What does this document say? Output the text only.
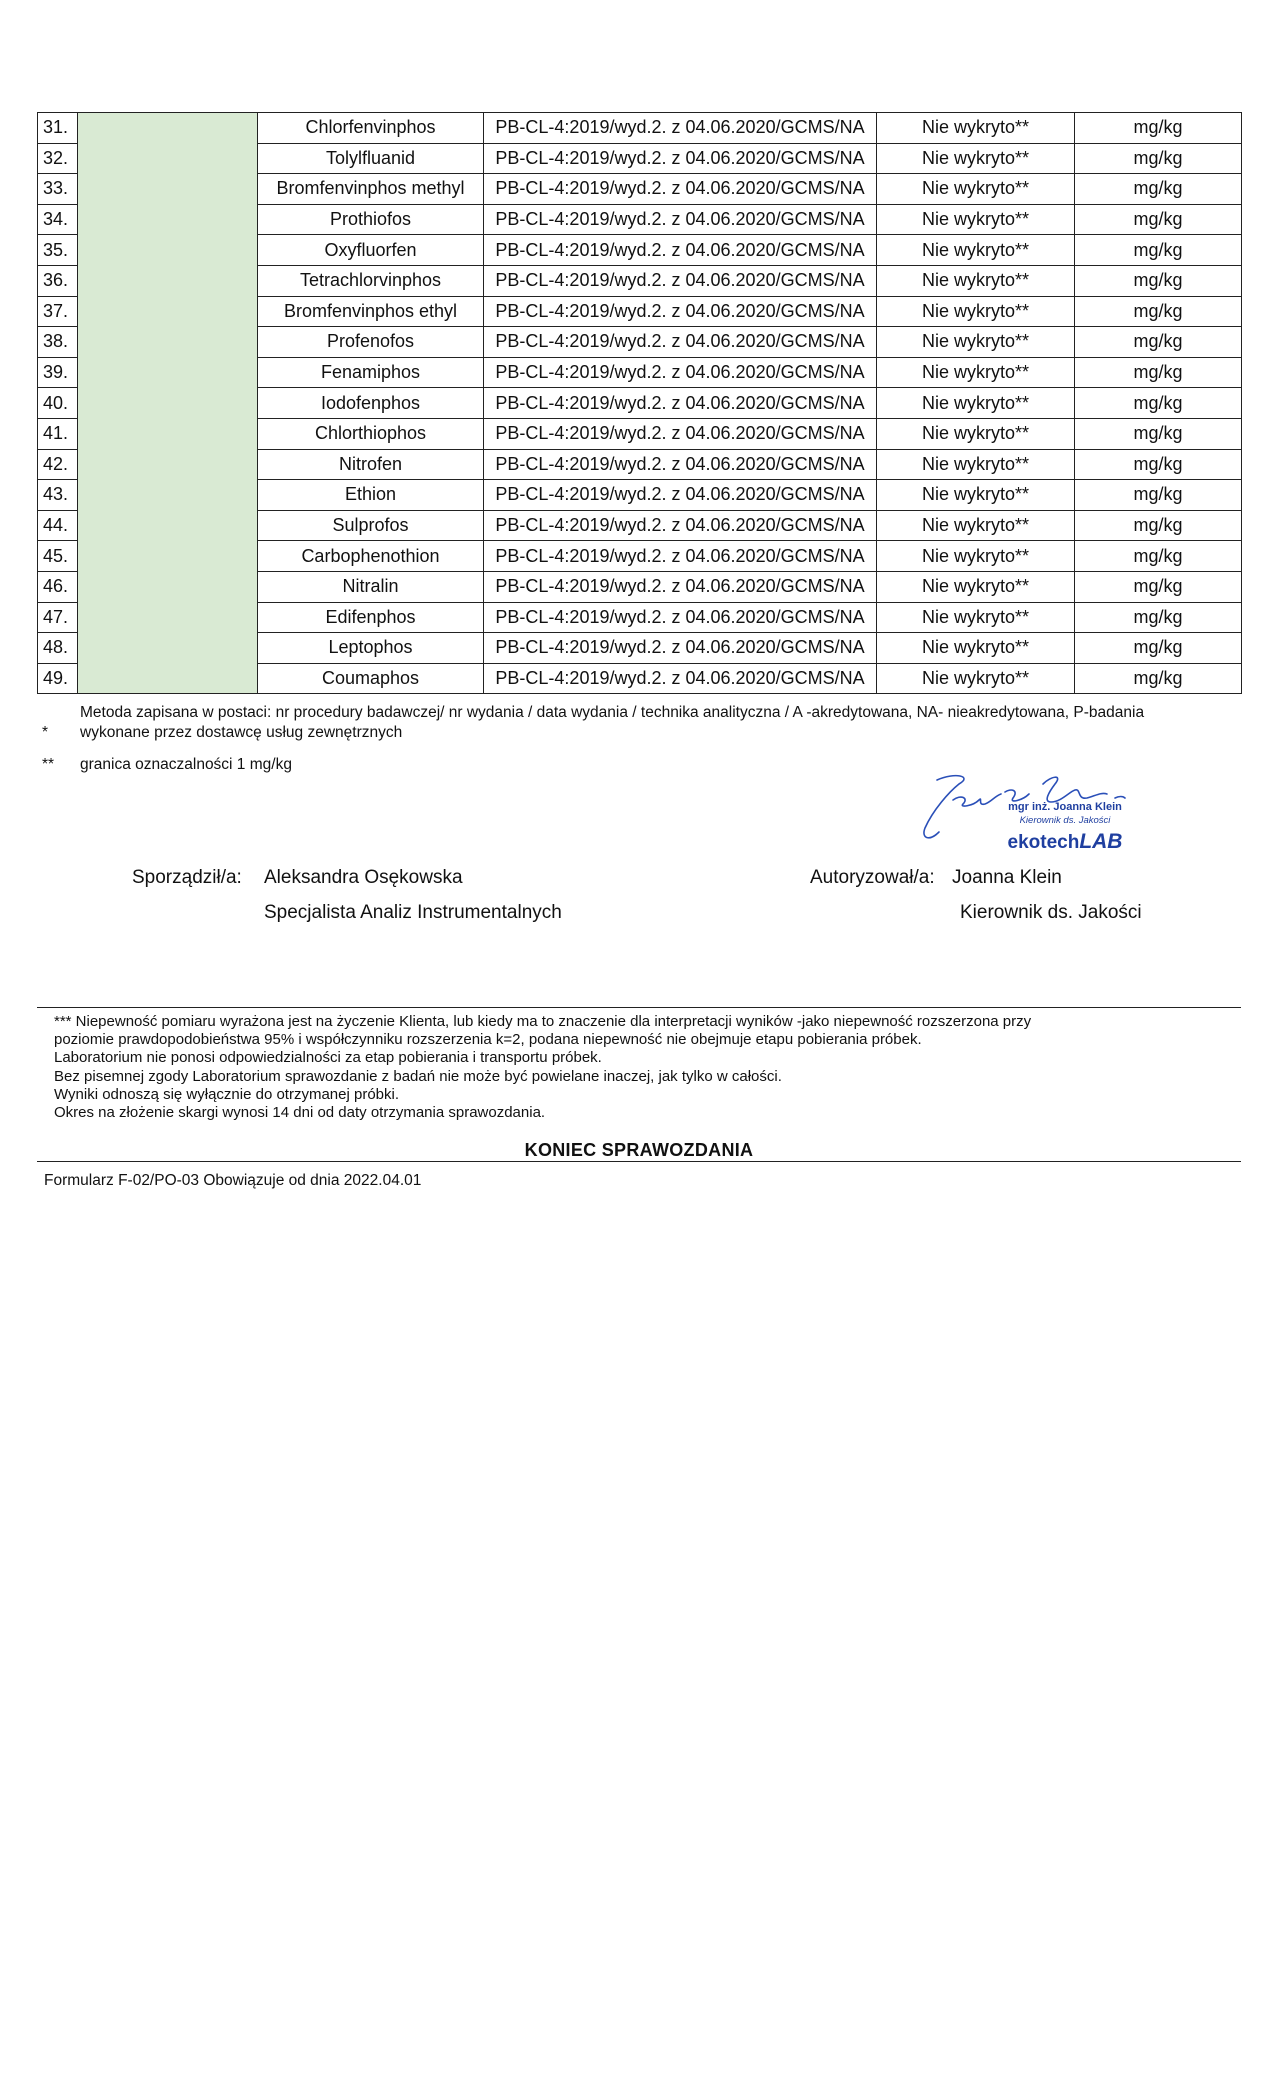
31.		Chlorfenvinphos	PB-CL-4:2019/wyd.2. z 04.06.2020/GCMS/NA	Nie wykryto**	mg/kg
32.		Tolylfluanid	PB-CL-4:2019/wyd.2. z 04.06.2020/GCMS/NA	Nie wykryto**	mg/kg
33.		Bromfenvinphos methyl	PB-CL-4:2019/wyd.2. z 04.06.2020/GCMS/NA	Nie wykryto**	mg/kg
34.		Prothiofos	PB-CL-4:2019/wyd.2. z 04.06.2020/GCMS/NA	Nie wykryto**	mg/kg
35.		Oxyfluorfen	PB-CL-4:2019/wyd.2. z 04.06.2020/GCMS/NA	Nie wykryto**	mg/kg
36.		Tetrachlorvinphos	PB-CL-4:2019/wyd.2. z 04.06.2020/GCMS/NA	Nie wykryto**	mg/kg
37.		Bromfenvinphos ethyl	PB-CL-4:2019/wyd.2. z 04.06.2020/GCMS/NA	Nie wykryto**	mg/kg
38.		Profenofos	PB-CL-4:2019/wyd.2. z 04.06.2020/GCMS/NA	Nie wykryto**	mg/kg
39.		Fenamiphos	PB-CL-4:2019/wyd.2. z 04.06.2020/GCMS/NA	Nie wykryto**	mg/kg
40.		Iodofenphos	PB-CL-4:2019/wyd.2. z 04.06.2020/GCMS/NA	Nie wykryto**	mg/kg
41.		Chlorthiophos	PB-CL-4:2019/wyd.2. z 04.06.2020/GCMS/NA	Nie wykryto**	mg/kg
42.		Nitrofen	PB-CL-4:2019/wyd.2. z 04.06.2020/GCMS/NA	Nie wykryto**	mg/kg
43.		Ethion	PB-CL-4:2019/wyd.2. z 04.06.2020/GCMS/NA	Nie wykryto**	mg/kg
44.		Sulprofos	PB-CL-4:2019/wyd.2. z 04.06.2020/GCMS/NA	Nie wykryto**	mg/kg
45.		Carbophenothion	PB-CL-4:2019/wyd.2. z 04.06.2020/GCMS/NA	Nie wykryto**	mg/kg
46.		Nitralin	PB-CL-4:2019/wyd.2. z 04.06.2020/GCMS/NA	Nie wykryto**	mg/kg
47.		Edifenphos	PB-CL-4:2019/wyd.2. z 04.06.2020/GCMS/NA	Nie wykryto**	mg/kg
48.		Leptophos	PB-CL-4:2019/wyd.2. z 04.06.2020/GCMS/NA	Nie wykryto**	mg/kg
49.		Coumaphos	PB-CL-4:2019/wyd.2. z 04.06.2020/GCMS/NA	Nie wykryto**	mg/kg
Metoda zapisana w postaci: nr procedury badawczej/ nr wydania / data wydania / technika analityczna / A -akredytowana, NA- nieakredytowana, P-badania
* wykonane przez dostawcę usług zewnętrznych
** granica oznaczalności 1 mg/kg
mgr inż. Joanna Klein
Kierownik ds. Jakości
ekotechLAB
Sporządził/a: Aleksandra Osękowska
Specjalista Analiz Instrumentalnych
Autoryzował/a: Joanna Klein
Kierownik ds. Jakości
*** Niepewność pomiaru wyrażona jest na życzenie Klienta, lub kiedy ma to znaczenie dla interpretacji wyników -jako niepewność rozszerzona przy
poziomie prawdopodobieństwa 95% i współczynniku rozszerzenia k=2, podana niepewność nie obejmuje etapu pobierania próbek.
Laboratorium nie ponosi odpowiedzialności za etap pobierania i transportu próbek.
Bez pisemnej zgody Laboratorium sprawozdanie z badań nie może być powielane inaczej, jak tylko w całości.
Wyniki odnoszą się wyłącznie do otrzymanej próbki.
Okres na złożenie skargi wynosi 14 dni od daty otrzymania sprawozdania.
KONIEC SPRAWOZDANIA
Formularz F-02/PO-03 Obowiązuje od dnia 2022.04.01
